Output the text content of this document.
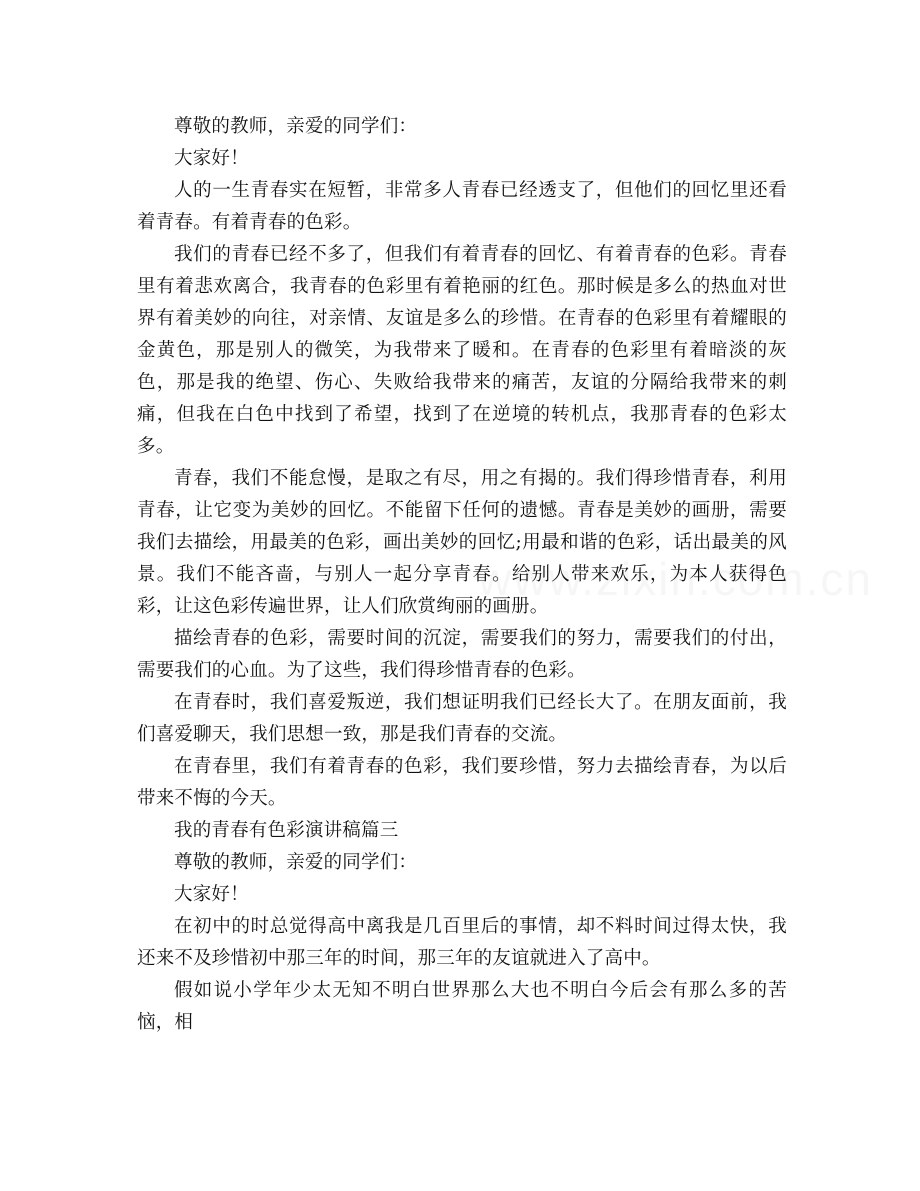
尊敬的教师，亲爱的同学们：

大家好！

人的一生青春实在短暂，非常多人青春已经透支了，但他们的回忆里还看着青春。有着青春的色彩。

我们的青春已经不多了，但我们有着青春的回忆、有着青春的色彩。青春里有着悲欢离合，我青春的色彩里有着艳丽的红色。那时候是多么的热血对世界有着美妙的向往，对亲情、友谊是多么的珍惜。在青春的色彩里有着耀眼的金黄色，那是别人的微笑，为我带来了暖和。在青春的色彩里有着暗淡的灰色，那是我的绝望、伤心、失败给我带来的痛苦，友谊的分隔给我带来的刺痛，但我在白色中找到了希望，找到了在逆境的转机点，我那青春的色彩太多。

青春，我们不能怠慢，是取之有尽，用之有揭的。我们得珍惜青春，利用青春，让它变为美妙的回忆。不能留下任何的遗憾。青春是美妙的画册，需要我们去描绘，用最美的色彩，画出美妙的回忆;用最和谐的色彩，话出最美的风景。我们不能吝啬，与别人一起分享青春。给别人带来欢乐，为本人获得色彩，让这色彩传遍世界，让人们欣赏绚丽的画册。

描绘青春的色彩，需要时间的沉淀，需要我们的努力，需要我们的付出，需要我们的心血。为了这些，我们得珍惜青春的色彩。

在青春时，我们喜爱叛逆，我们想证明我们已经长大了。在朋友面前，我们喜爱聊天，我们思想一致，那是我们青春的交流。

在青春里，我们有着青春的色彩，我们要珍惜，努力去描绘青春，为以后带来不悔的今天。

我的青春有色彩演讲稿篇三

尊敬的教师，亲爱的同学们：

大家好！

在初中的时总觉得高中离我是几百里后的事情，却不料时间过得太快，我还来不及珍惜初中那三年的时间，那三年的友谊就进入了高中。

假如说小学年少太无知不明白世界那么大也不明白今后会有那么多的苦恼，相
